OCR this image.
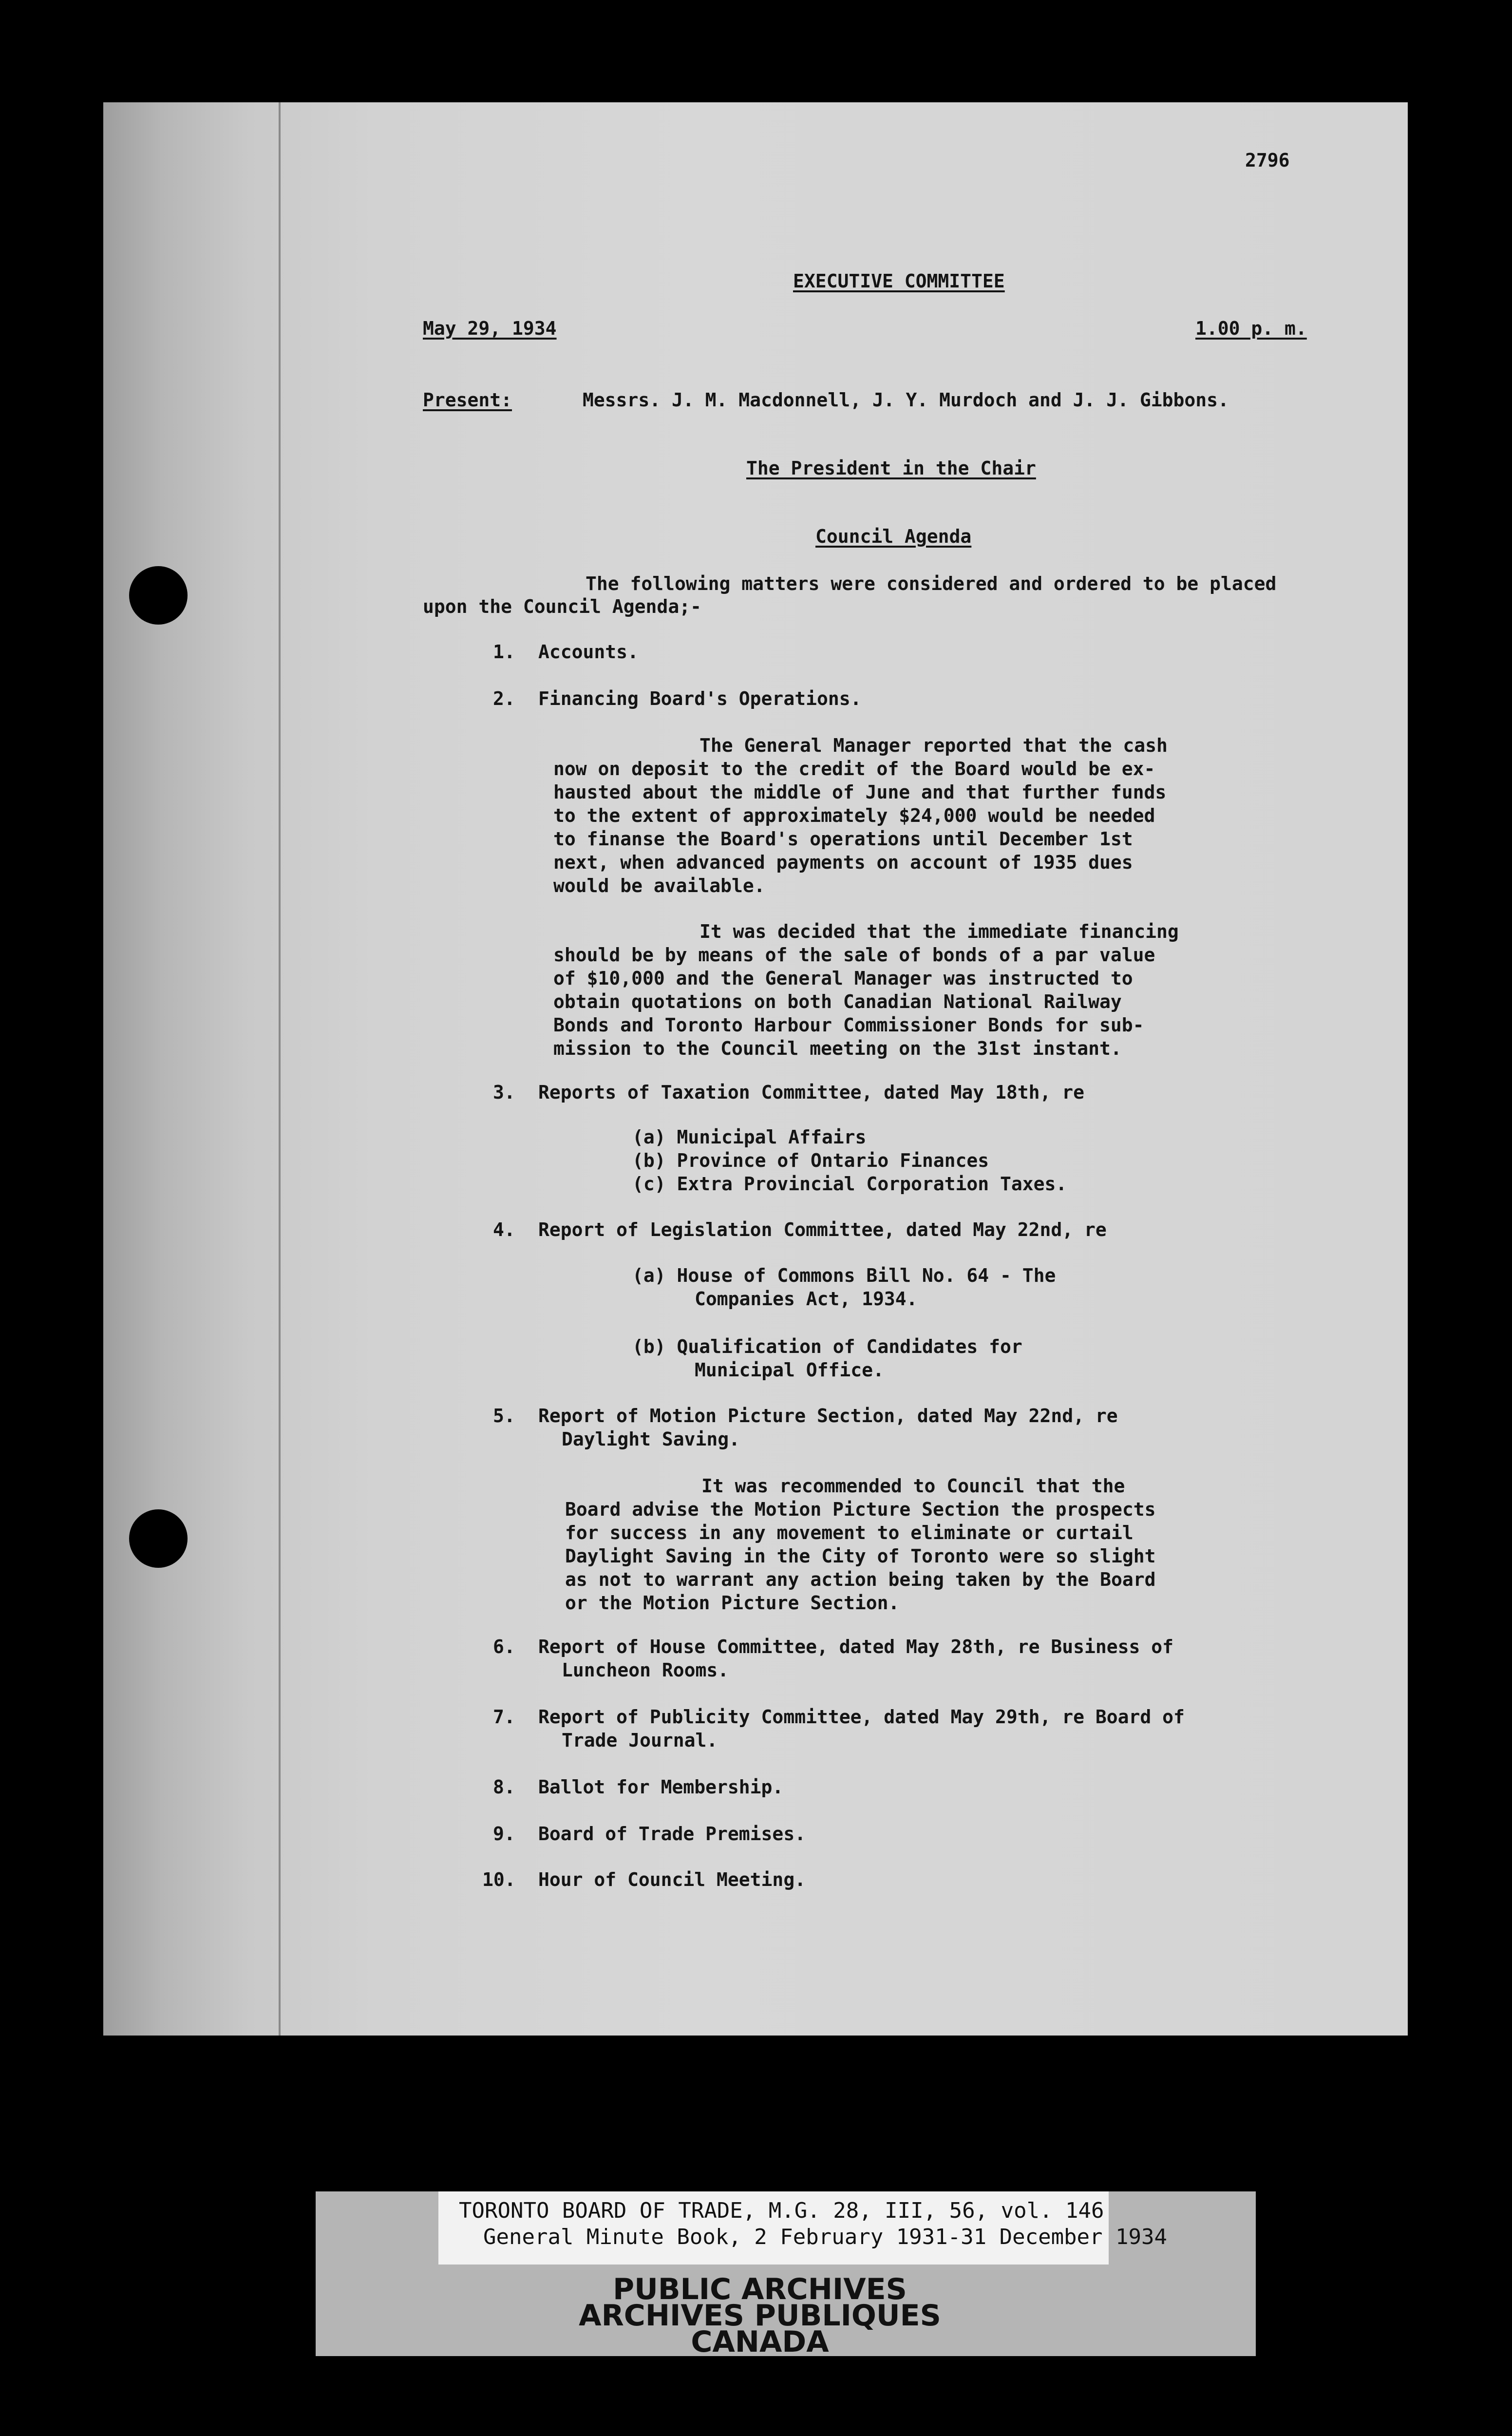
2796
EXECUTIVE COMMITTEE
May 29, 1934	1.00 p. m.
Present:	Messrs. J. M. Macdonnell, J. Y. Murdoch and J. J. Gibbons.
The President in the Chair
Council Agenda
The following matters were considered and ordered to be placed
upon the Council Agenda;-
1. Accounts.
2. Financing Board's Operations.
The General Manager reported that the cash
now on deposit to the credit of the Board would be ex-
hausted about the middle of June and that further funds
to the extent of approximately $24,000 would be needed
to finanse the Board's operations until December 1st
next, when advanced payments on account of 1935 dues
would be available.
It was decided that the immediate financing
should be by means of the sale of bonds of a par value
of $10,000 and the General Manager was instructed to
obtain quotations on both Canadian National Railway
Bonds and Toronto Harbour Commissioner Bonds for sub-
mission to the Council meeting on the 31st instant.
3. Reports of Taxation Committee, dated May 18th, re
(a) Municipal Affairs
(b) Province of Ontario Finances
(c) Extra Provincial Corporation Taxes.
4. Report of Legislation Committee, dated May 22nd, re
(a) House of Commons Bill No. 64 - The
Companies Act, 1934.
(b) Qualification of Candidates for
Municipal Office.
5. Report of Motion Picture Section, dated May 22nd, re
Daylight Saving.
It was recommended to Council that the
Board advise the Motion Picture Section the prospects
for success in any movement to eliminate or curtail
Daylight Saving in the City of Toronto were so slight
as not to warrant any action being taken by the Board
or the Motion Picture Section.
6. Report of House Committee, dated May 28th, re Business of
Luncheon Rooms.
7. Report of Publicity Committee, dated May 29th, re Board of
Trade Journal.
8. Ballot for Membership.
9. Board of Trade Premises.
10. Hour of Council Meeting.
TORONTO BOARD OF TRADE, M.G. 28, III, 56, vol. 146
General Minute Book, 2 February 1931-31 December 1934
PUBLIC ARCHIVES
ARCHIVES PUBLIQUES
CANADA
